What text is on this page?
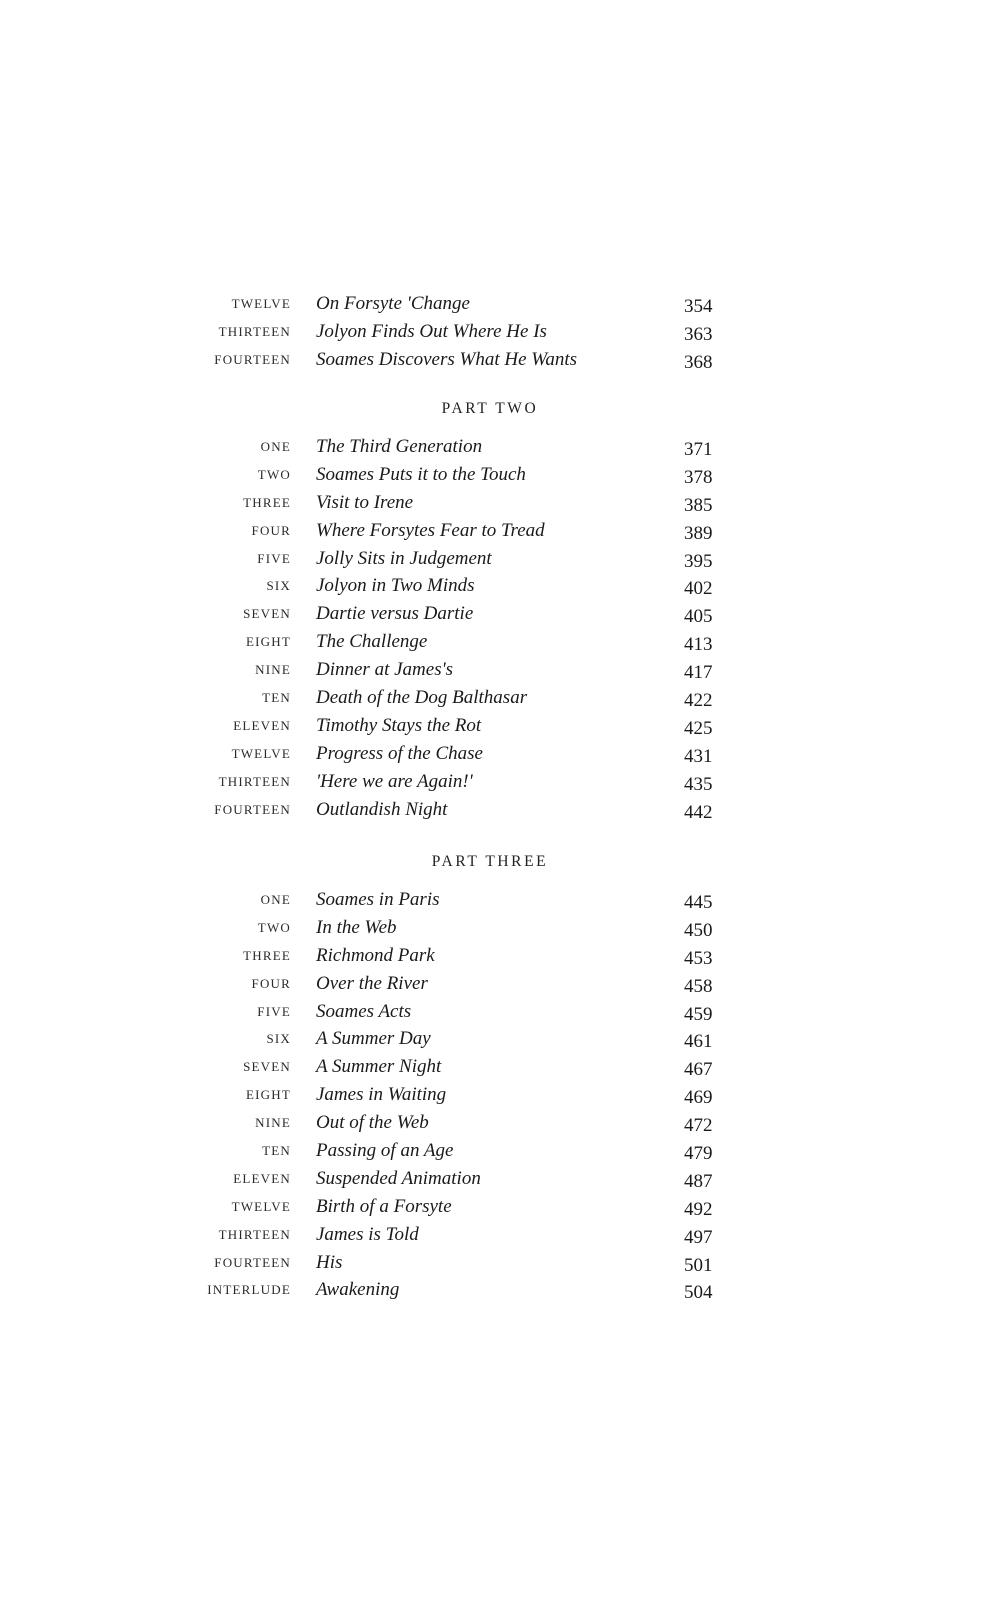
TWELVE On Forsyte 'Change	354
THIRTEEN Jolyon Finds Out Where He Is	363
FOURTEEN Soames Discovers What He Wants	368
PART TWO
ONE The Third Generation	371
TWO Soames Puts it to the Touch	378
THREE Visit to Irene	385
FOUR Where Forsytes Fear to Tread	389
FIVE Jolly Sits in Judgement	395
SIX Jolyon in Two Minds	402
SEVEN Dartie versus Dartie	405
EIGHT The Challenge	413
NINE Dinner at James's	417
TEN Death of the Dog Balthasar	422
ELEVEN Timothy Stays the Rot	425
TWELVE Progress of the Chase	431
THIRTEEN 'Here we are Again!'	435
FOURTEEN Outlandish Night	442
PART THREE
ONE Soames in Paris	445
TWO In the Web	450
THREE Richmond Park	453
FOUR Over the River	458
FIVE Soames Acts	459
SIX A Summer Day	461
SEVEN A Summer Night	467
EIGHT James in Waiting	469
NINE Out of the Web	472
TEN Passing of an Age	479
ELEVEN Suspended Animation	487
TWELVE Birth of a Forsyte	492
THIRTEEN James is Told	497
FOURTEEN His	501
INTERLUDE Awakening	504
